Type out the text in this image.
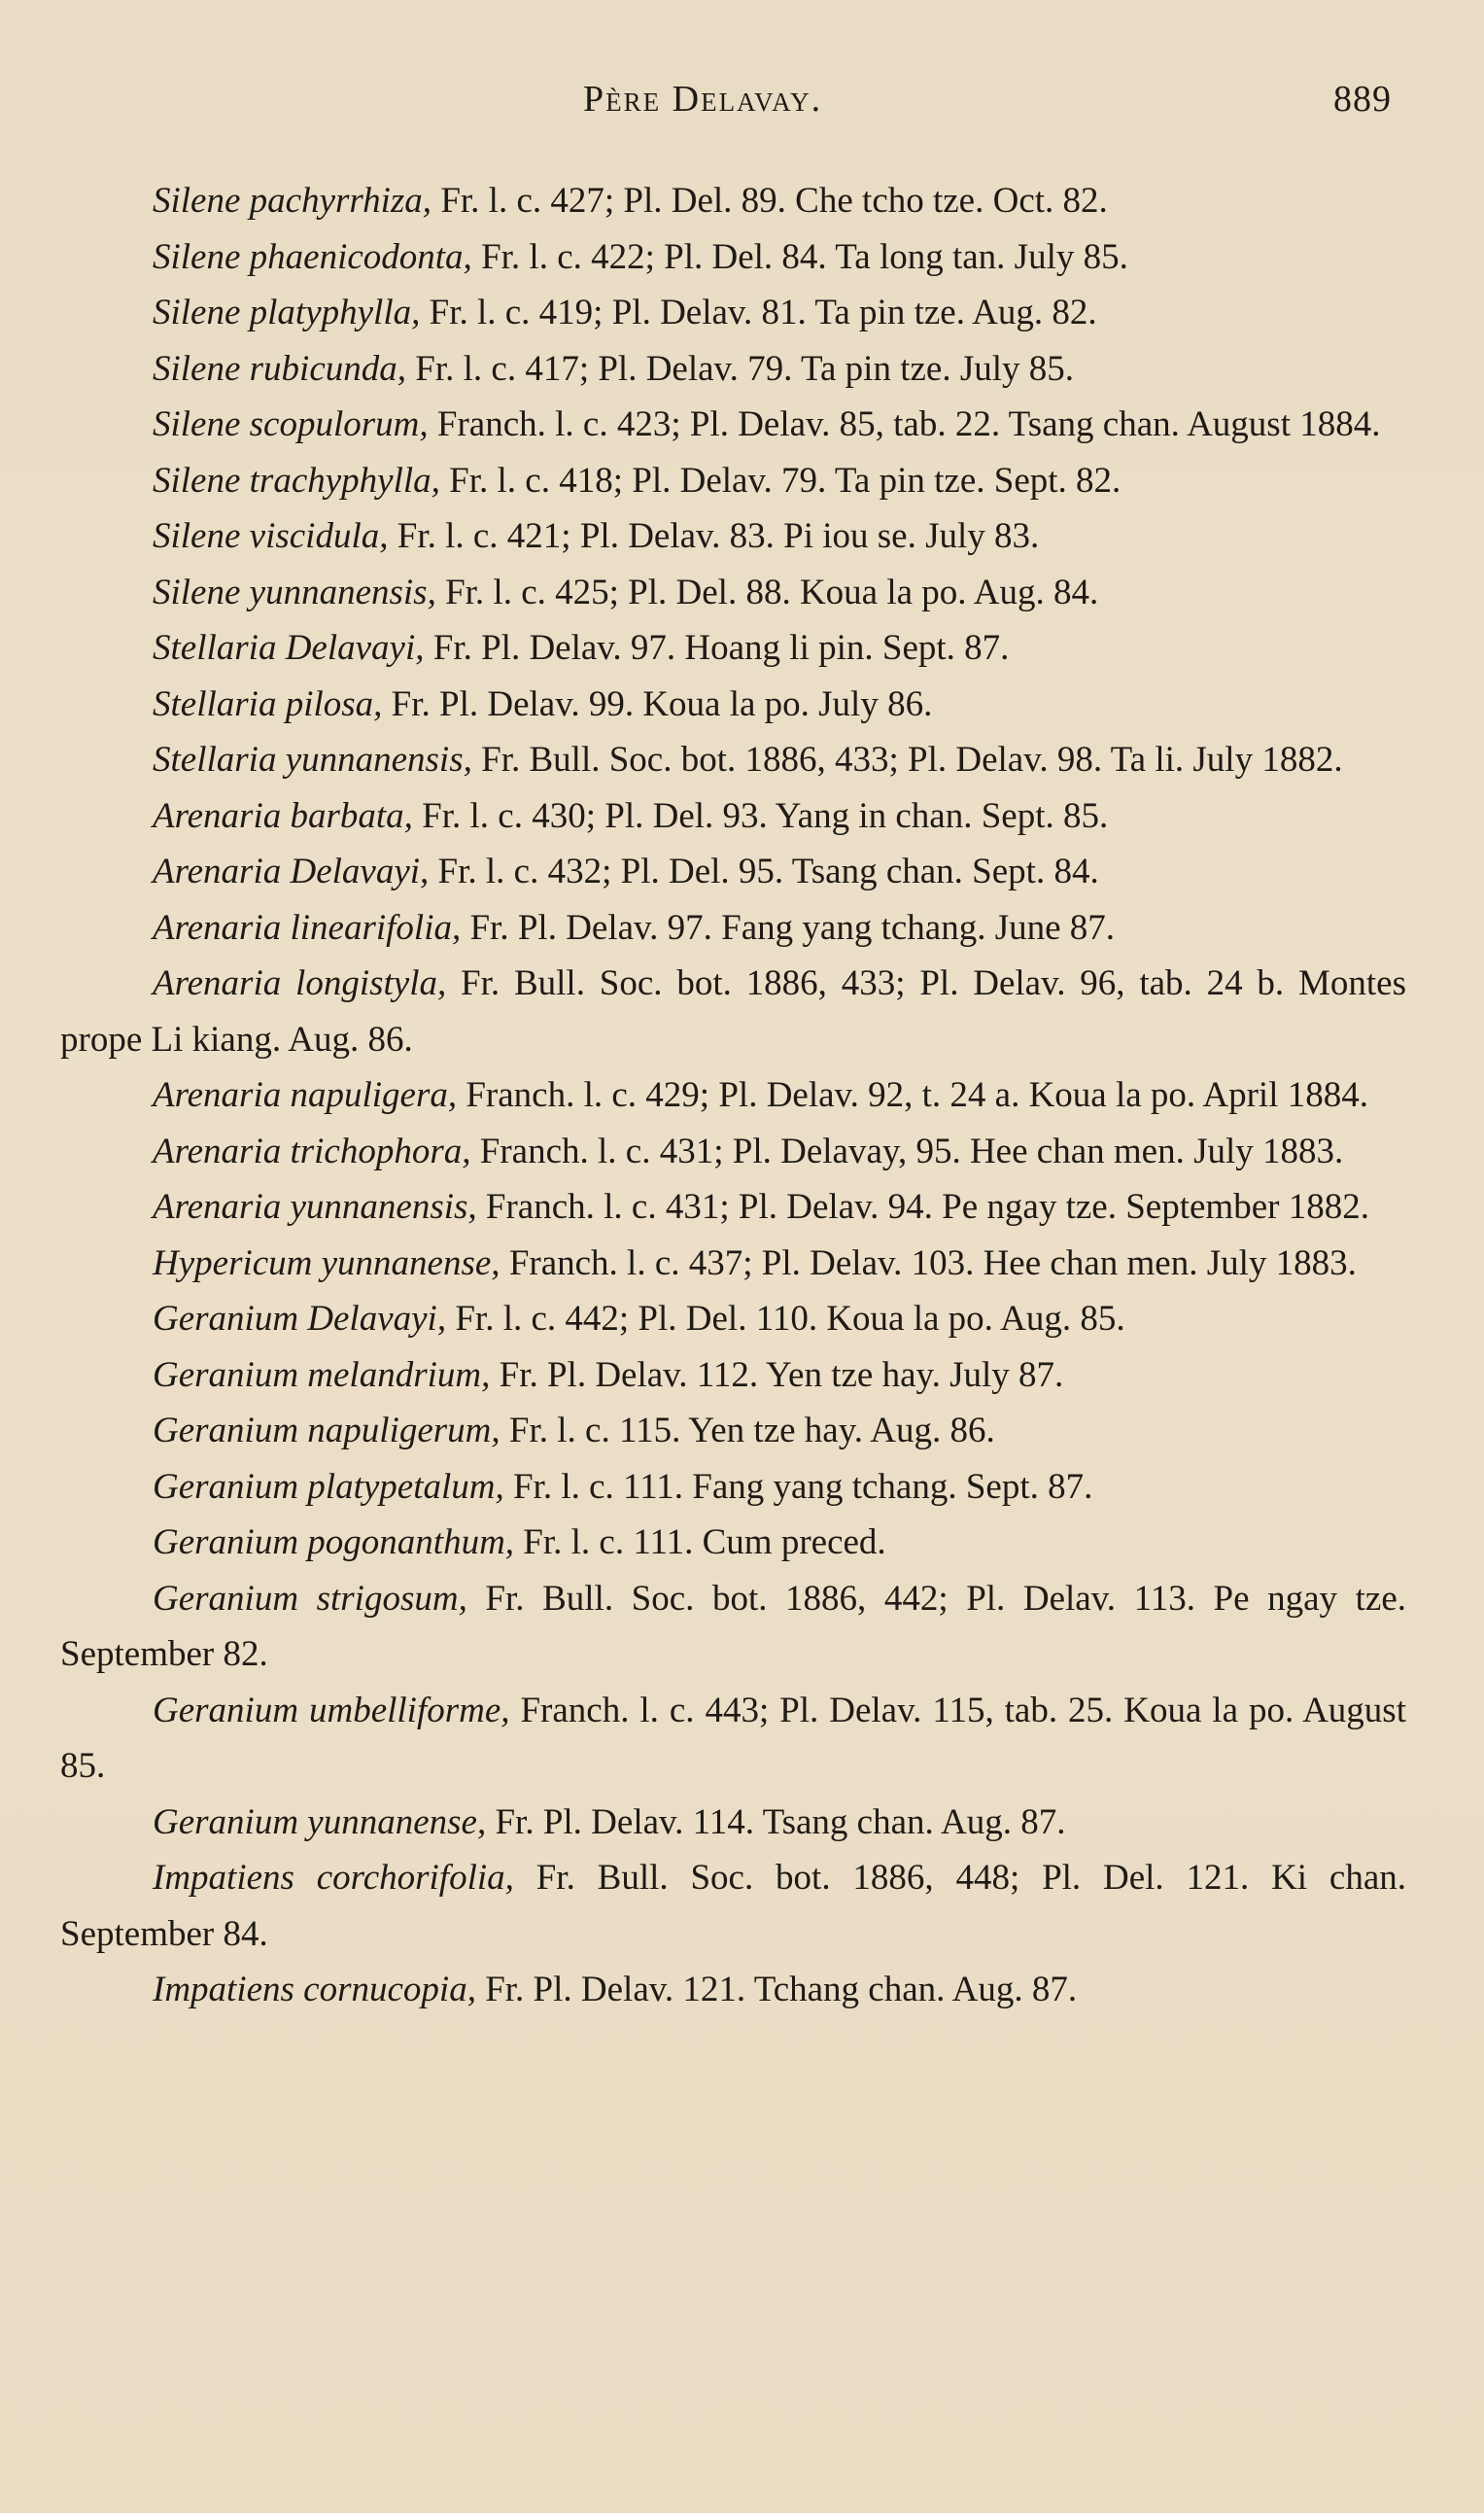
Père Delavay.	889

Silene pachyrrhiza, Fr. l. c. 427; Pl. Del. 89. Che tcho tze. Oct. 82.

Silene phaenicodonta, Fr. l. c. 422; Pl. Del. 84. Ta long tan. July 85.

Silene platyphylla, Fr. l. c. 419; Pl. Delav. 81. Ta pin tze. Aug. 82.

Silene rubicunda, Fr. l. c. 417; Pl. Delav. 79. Ta pin tze. July 85.

Silene scopulorum, Franch. l. c. 423; Pl. Delav. 85, tab. 22. Tsang chan. August 1884.

Silene trachyphylla, Fr. l. c. 418; Pl. Delav. 79. Ta pin tze. Sept. 82.

Silene viscidula, Fr. l. c. 421; Pl. Delav. 83. Pi iou se. July 83.

Silene yunnanensis, Fr. l. c. 425; Pl. Del. 88. Koua la po. Aug. 84.

Stellaria Delavayi, Fr. Pl. Delav. 97. Hoang li pin. Sept. 87.

Stellaria pilosa, Fr. Pl. Delav. 99. Koua la po. July 86.

Stellaria yunnanensis, Fr. Bull. Soc. bot. 1886, 433; Pl. Delav. 98. Ta li. July 1882.

Arenaria barbata, Fr. l. c. 430; Pl. Del. 93. Yang in chan. Sept. 85.

Arenaria Delavayi, Fr. l. c. 432; Pl. Del. 95. Tsang chan. Sept. 84.

Arenaria linearifolia, Fr. Pl. Delav. 97. Fang yang tchang. June 87.

Arenaria longistyla, Fr. Bull. Soc. bot. 1886, 433; Pl. Delav. 96, tab. 24 b. Montes prope Li kiang. Aug. 86.

Arenaria napuligera, Franch. l. c. 429; Pl. Delav. 92, t. 24 a. Koua la po. April 1884.

Arenaria trichophora, Franch. l. c. 431; Pl. Delavay, 95. Hee chan men. July 1883.

Arenaria yunnanensis, Franch. l. c. 431; Pl. Delav. 94. Pe ngay tze. September 1882.

Hypericum yunnanense, Franch. l. c. 437; Pl. Delav. 103. Hee chan men. July 1883.

Geranium Delavayi, Fr. l. c. 442; Pl. Del. 110. Koua la po. Aug. 85.

Geranium melandrium, Fr. Pl. Delav. 112. Yen tze hay. July 87.

Geranium napuligerum, Fr. l. c. 115. Yen tze hay. Aug. 86.

Geranium platypetalum, Fr. l. c. 111. Fang yang tchang. Sept. 87.

Geranium pogonanthum, Fr. l. c. 111. Cum preced.

Geranium strigosum, Fr. Bull. Soc. bot. 1886, 442; Pl. Delav. 113. Pe ngay tze. September 82.

Geranium umbelliforme, Franch. l. c. 443; Pl. Delav. 115, tab. 25. Koua la po. August 85.

Geranium yunnanense, Fr. Pl. Delav. 114. Tsang chan. Aug. 87.

Impatiens corchorifolia, Fr. Bull. Soc. bot. 1886, 448; Pl. Del. 121. Ki chan. September 84.

Impatiens cornucopia, Fr. Pl. Delav. 121. Tchang chan. Aug. 87.
